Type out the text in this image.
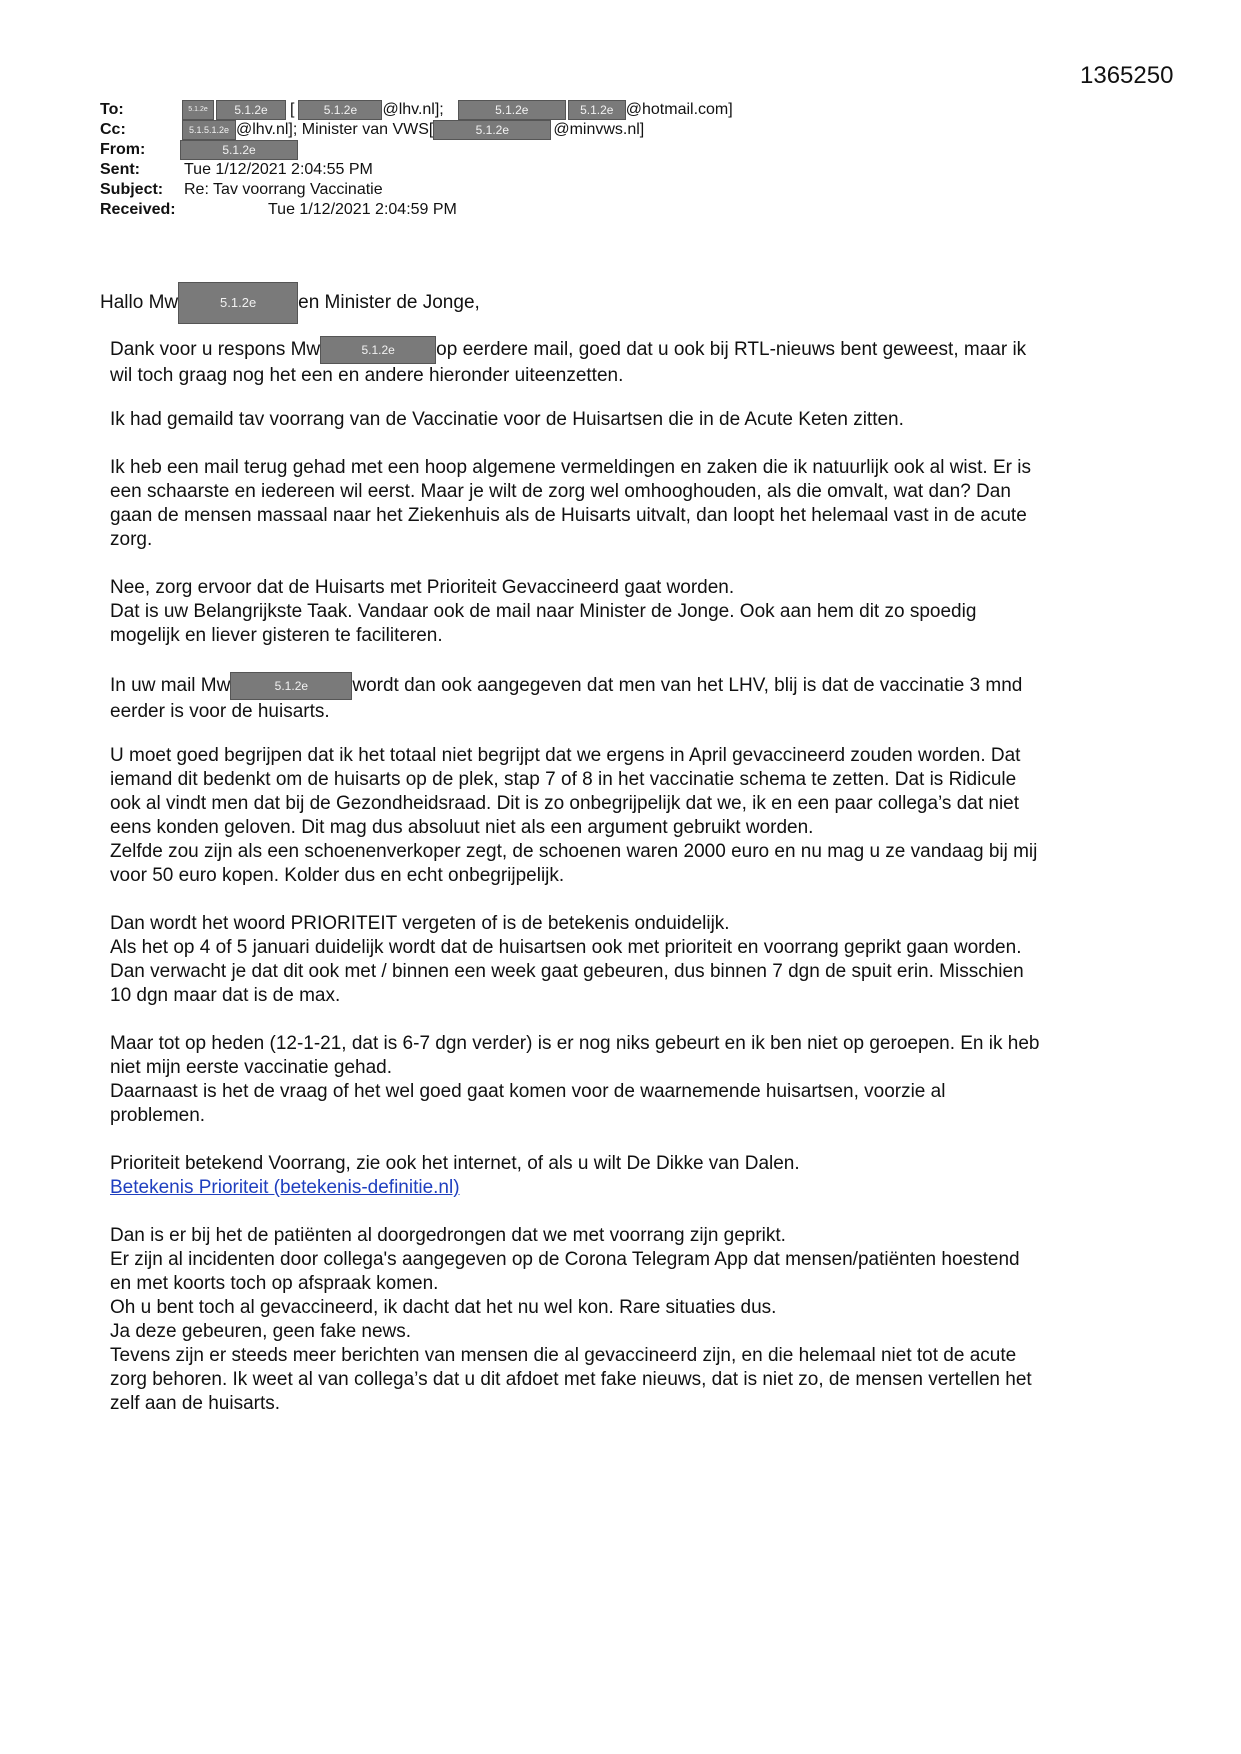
1365250
To:	5.1.2e 5.1.2e [ 5.1.2e @lhv.nl];	5.1.2e	5.1.2e @hotmail.com]
Cc:	5.1.5.1.2e @lhv.nl]; Minister van VWS[	5.1.2e	@minvws.nl]
From:	5.1.2e
Sent:	Tue 1/12/2021 2:04:55 PM
Subject: Re: Tav voorrang Vaccinatie
Received:	Tue 1/12/2021 2:04:59 PM
Hallo Mw	5.1.2e en Minister de Jonge,

Dank voor u respons Mw	5.1.2e op eerdere mail, goed dat u ook bij RTL-nieuws bent geweest, maar ik

wil toch graag nog het een en andere hieronder uiteenzetten.

Ik had gemaild tav voorrang van de Vaccinatie voor de Huisartsen die in de Acute Keten zitten.

Ik heb een mail terug gehad met een hoop algemene vermeldingen en zaken die ik natuurlijk ook al wist. Er is

een schaarste en iedereen wil eerst. Maar je wilt de zorg wel omhooghouden, als die omvalt, wat dan? Dan

gaan de mensen massaal naar het Ziekenhuis als de Huisarts uitvalt, dan loopt het helemaal vast in de acute

zorg.

Nee, zorg ervoor dat de Huisarts met Prioriteit Gevaccineerd gaat worden.

Dat is uw Belangrijkste Taak. Vandaar ook de mail naar Minister de Jonge. Ook aan hem dit zo spoedig

mogelijk en liever gisteren te faciliteren.

In uw mail Mw	5.1.2e wordt dan ook aangegeven dat men van het LHV, blij is dat de vaccinatie 3 mnd

eerder is voor de huisarts.

U moet goed begrijpen dat ik het totaal niet begrijpt dat we ergens in April gevaccineerd zouden worden. Dat

iemand dit bedenkt om de huisarts op de plek, stap 7 of 8 in het vaccinatie schema te zetten. Dat is Ridicule

ook al vindt men dat bij de Gezondheidsraad. Dit is zo onbegrijpelijk dat we, ik en een paar collega’s dat niet

eens konden geloven. Dit mag dus absoluut niet als een argument gebruikt worden.

Zelfde zou zijn als een schoenenverkoper zegt, de schoenen waren 2000 euro en nu mag u ze vandaag bij mij

voor 50 euro kopen. Kolder dus en echt onbegrijpelijk.

Dan wordt het woord PRIORITEIT vergeten of is de betekenis onduidelijk.

Als het op 4 of 5 januari duidelijk wordt dat de huisartsen ook met prioriteit en voorrang geprikt gaan worden.

Dan verwacht je dat dit ook met / binnen een week gaat gebeuren, dus binnen 7 dgn de spuit erin. Misschien

10 dgn maar dat is de max.

Maar tot op heden (12-1-21, dat is 6-7 dgn verder) is er nog niks gebeurt en ik ben niet op geroepen. En ik heb

niet mijn eerste vaccinatie gehad.

Daarnaast is het de vraag of het wel goed gaat komen voor de waarnemende huisartsen, voorzie al

problemen.

Prioriteit betekend Voorrang, zie ook het internet, of als u wilt De Dikke van Dalen.

Betekenis Prioriteit (betekenis-definitie.nl)

Dan is er bij het de patiënten al doorgedrongen dat we met voorrang zijn geprikt.

Er zijn al incidenten door collega's aangegeven op de Corona Telegram App dat mensen/patiënten hoestend

en met koorts toch op afspraak komen.

Oh u bent toch al gevaccineerd, ik dacht dat het nu wel kon. Rare situaties dus.

Ja deze gebeuren, geen fake news.

Tevens zijn er steeds meer berichten van mensen die al gevaccineerd zijn, en die helemaal niet tot de acute

zorg behoren. Ik weet al van collega’s dat u dit afdoet met fake nieuws, dat is niet zo, de mensen vertellen het

zelf aan de huisarts.
